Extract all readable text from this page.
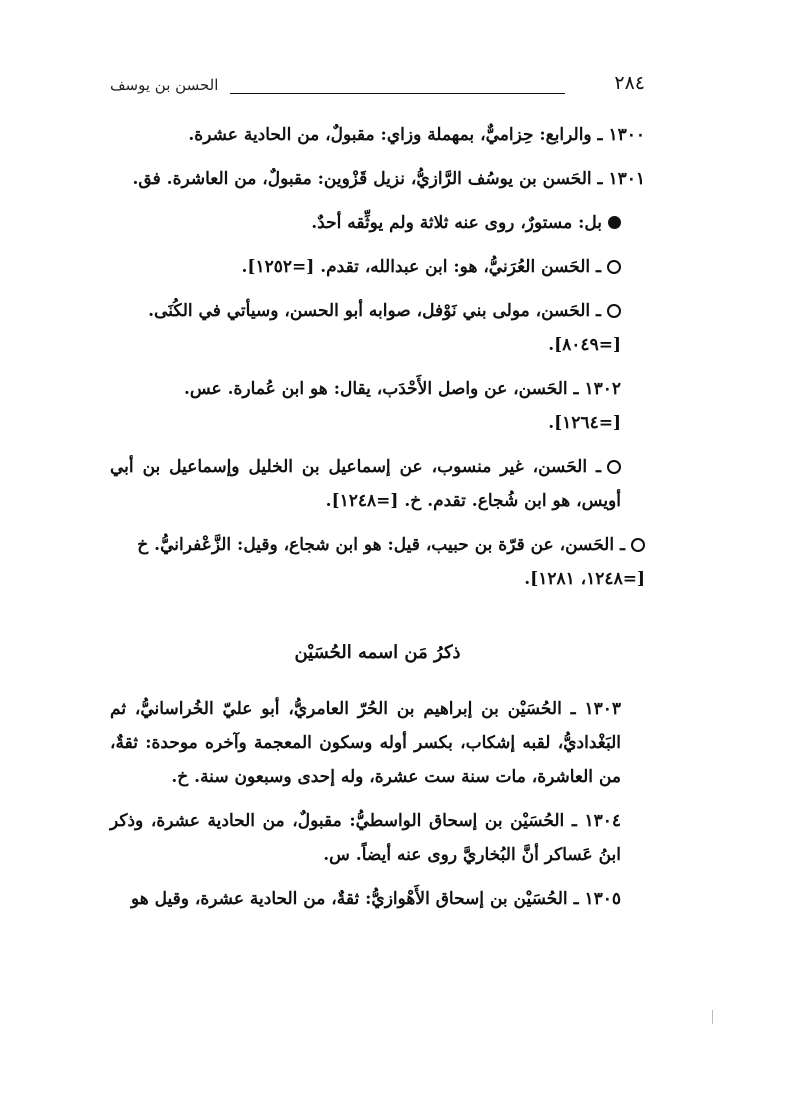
الحسن بن يوسف	٢٨٤

١٣٠٠ ـ والرابع: حِزاميٌّ، بمهملة وزاي: مقبولٌ، من الحادية عشرة.

١٣٠١ ـ الحَسن بن يوسُف الرَّازيُّ، نزيل قَزْوين: مقبولٌ، من العاشرة. فق.

بل: مستورٌ، روى عنه ثلاثة ولم يوثِّقه أحدٌ.

ـ الحَسن العُرَنيُّ، هو: ابن عبدالله، تقدم. [=١٢٥٢].

ـ الحَسن، مولى بني نَوْفل، صوابه أبو الحسن، وسيأتي في الكُنَى.
[=٨٠٤٩].

١٣٠٢ ـ الحَسن، عن واصل الأَحْدَب، يقال: هو ابن عُمارة. عس.
[=١٢٦٤].

ـ الحَسن، غير منسوب، عن إسماعيل بن الخليل وإسماعيل بن أبي أويس، هو ابن شُجاع. تقدم. خ. [=١٢٤٨].

ـ الحَسن، عن قرّة بن حبيب، قيل: هو ابن شجاع، وقيل: الزَّعْفرانيُّ. خ
[=١٢٤٨، ١٢٨١].

ذكرُ مَن اسمه الحُسَيْن

١٣٠٣ ـ الحُسَيْن بن إبراهيم بن الحُرّ العامريُّ، أبو عليّ الخُراسانيُّ، ثم البَغْداديُّ، لقبه إشكاب، بكسر أوله وسكون المعجمة وآخره موحدة: ثقةٌ، من العاشرة، مات سنة ست عشرة، وله إحدى وسبعون سنة. خ.

١٣٠٤ ـ الحُسَيْن بن إسحاق الواسطيُّ: مقبولٌ، من الحادية عشرة، وذكر ابنُ عَساكر أنَّ البُخاريَّ روى عنه أيضاً. س.

١٣٠٥ ـ الحُسَيْن بن إسحاق الأَهْوازيُّ: ثقةٌ، من الحادية عشرة، وقيل هو
